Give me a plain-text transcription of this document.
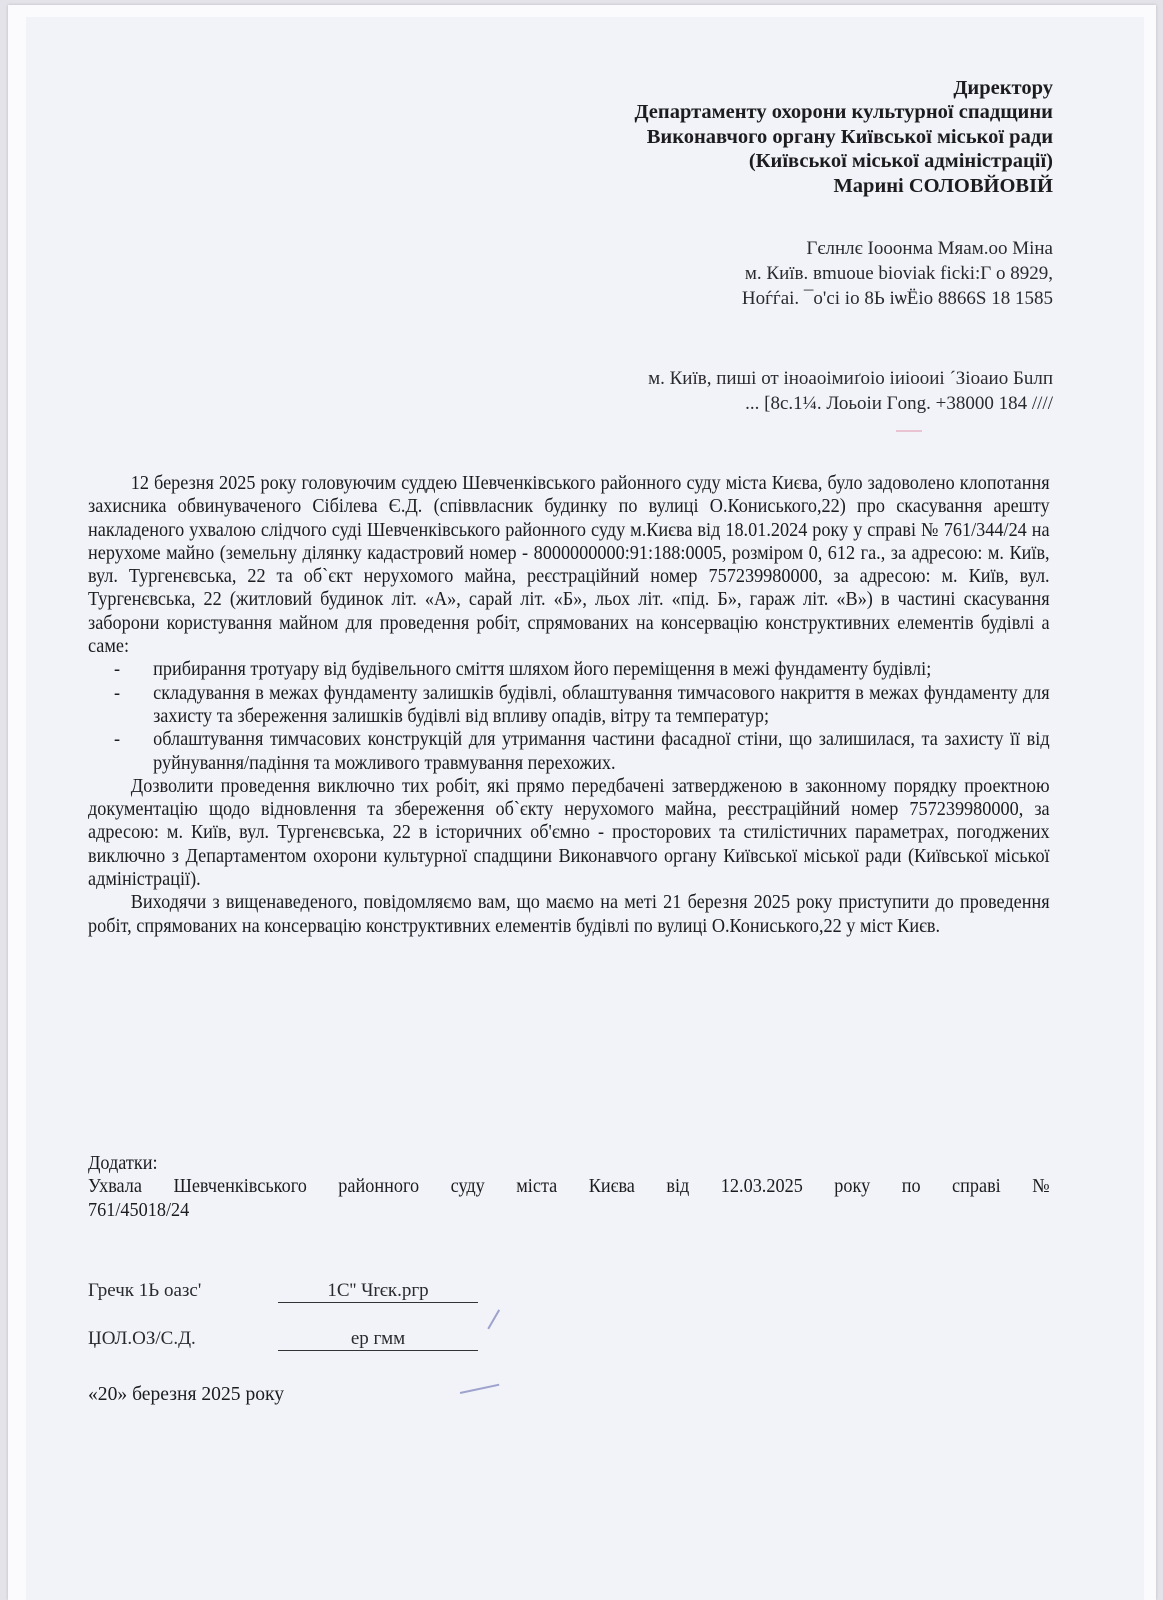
Директору
Департаменту охорони культурної спадщини
Виконавчого органу Київської міської ради
(Київської міської адміністрації)
Марині СОЛОВЙОВІЙ
Гєлнлє Іооонма Мяам.оо Міна
м. Київ. вmuoue bioviak ficki:Г о 8929,
Ноѓѓаi. ¯о'сі іо 8Ь іѡЁіо 8866Ѕ 18 1585
м. Київ, пиші от іноаоімиґоіо іиіооиі ´Зіоаио Бuлп
... [8с.1¼. Лоьоіи Гong. +38000 184 ////

12 березня 2025 року головуючим суддею Шевченківського районного суду міста Києва, було задоволено клопотання захисника обвинуваченого Сібілева Є.Д. (співвласник будинку по вулиці О.Кониського,22) про скасування арешту накладеного ухвалою слідчого суді Шевченківського районного суду м.Києва від 18.01.2024 року у справі № 761/344/24 на нерухоме майно (земельну ділянку кадастровий номер - 8000000000:91:188:0005, розміром 0, 612 га., за адресою: м. Київ, вул. Тургенєвська, 22 та об`єкт нерухомого майна, реєстраційний номер 757239980000, за адресою: м. Київ, вул. Тургенєвська, 22 (житловий будинок літ. «А», сарай літ. «Б», льох літ. «під. Б», гараж літ. «В») в частині скасування заборони користування майном для проведення робіт, спрямованих на консервацію конструктивних елементів будівлі а саме:

- прибирання тротуару від будівельного сміття шляхом його переміщення в межі фундаменту будівлі;
- складування в межах фундаменту залишків будівлі, облаштування тимчасового накриття в межах фундаменту для захисту та збереження залишків будівлі від впливу опадів, вітру та температур;
- облаштування тимчасових конструкцій для утримання частини фасадної стіни, що залишилася, та захисту її від руйнування/падіння та можливого травмування перехожих.

Дозволити проведення виключно тих робіт, які прямо передбачені затвердженою в законному порядку проектною документацію щодо відновлення та збереження об`єкту нерухомого майна, реєстраційний номер 757239980000, за адресою: м. Київ, вул. Тургенєвська, 22 в історичних об'ємно - просторових та стилістичних параметрах, погоджених виключно з Департаментом охорони культурної спадщини Виконавчого органу Київської міської ради (Київської міської адміністрації).

Виходячи з вищенаведеного, повідомляємо вам, що маємо на меті 21 березня 2025 року приступити до проведення робіт, спрямованих на консервацію конструктивних елементів будівлі по вулиці О.Кониського,22 у міст Києв.

Додатки:
Ухвала Шевченківського районного суду міста Києва від 12.03.2025 року по справі №
761/45018/24
Гречк 1Ь оазс'	1С'' Чrєк.ргр
ЏОЛ.ОЗ/С.Д.	ер гмм
«20» березня 2025 року
